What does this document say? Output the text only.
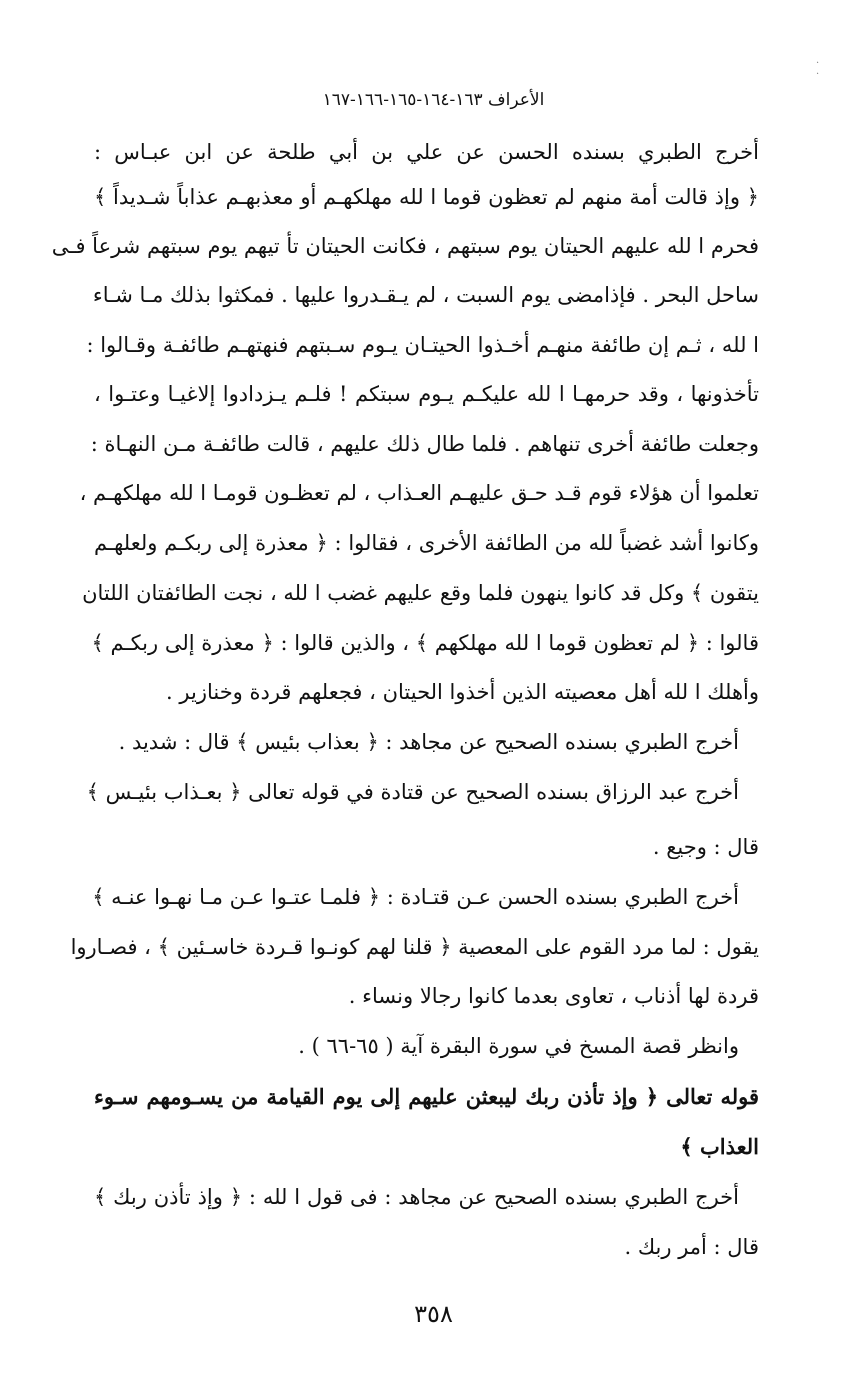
·
·
الأعراف ١٦٣-١٦٤-١٦٥-١٦٦-١٦٧
أخرج الطبري بسنده الحسن عن علي بن أبي طلحة عن ابن عبـاس :
﴿ وإذ قالت أمة منهم لم تعظون قوما ا لله مهلكهـم أو معذبهـم عذاباً شـديداً ﴾
فحرم ا لله عليهم الحيتان يوم سبتهم ، فكانت الحيتان تأ تيهم يوم سبتهم شرعاً فـى
ساحل البحر . فإذامضى يوم السبت ، لم يـقـدروا عليها . فمكثوا بذلك مـا شـاء
ا لله ، ثـم إن طائفة منهـم أخـذوا الحيتـان يـوم سـبتهم فنهتهـم طائفـة وقـالوا :
تأخذونها ، وقد حرمهـا ا لله عليكـم يـوم سبتكم ! فلـم يـزدادوا إلاغيـا وعتـوا ،
وجعلت طائفة أخرى تنهاهم . فلما طال ذلك عليهم ، قالت طائفـة مـن النهـاة :
تعلموا أن هؤلاء قوم قـد حـق عليهـم العـذاب ، لم تعظـون قومـا ا لله مهلكهـم ،
وكانوا أشد غضباً لله من الطائفة الأخرى ، فقالوا : ﴿ معذرة إلى ربكـم ولعلهـم
يتقون ﴾ وكل قد كانوا ينهون فلما وقع عليهم غضب ا لله ، نجت الطائفتان اللتان
قالوا : ﴿ لم تعظون قوما ا لله مهلكهم ﴾ ، والذين قالوا : ﴿ معذرة إلى ربكـم ﴾
وأهلك ا لله أهل معصيته الذين أخذوا الحيتان ، فجعلهم قردة وخنازير .
أخرج الطبري بسنده الصحيح عن مجاهد : ﴿ بعذاب بئيس ﴾ قال : شديد .
أخرج عبد الرزاق بسنده الصحيح عن قتادة في قوله تعالى ﴿ بعـذاب بئيـس ﴾
قال : وجيع .
أخرج الطبري بسنده الحسن عـن قتـادة : ﴿ فلمـا عتـوا عـن مـا نهـوا عنـه ﴾
يقول : لما مرد القوم على المعصية ﴿ قلنا لهم كونـوا قـردة خاسـئين ﴾ ، فصـاروا
قردة لها أذناب ، تعاوى بعدما كانوا رجالا ونساء .
وانظر قصة المسخ في سورة البقرة آية ( ٦٥-٦٦ ) .
قوله تعالى ﴿ وإذ تأذن ربك ليبعثن عليهم إلى يوم القيامة من يسـومهم سـوء
العذاب ﴾
أخرج الطبري بسنده الصحيح عن مجاهد : فى قول ا لله : ﴿ وإذ تأذن ربك ﴾
قال : أمر ربك .
٣٥٨
